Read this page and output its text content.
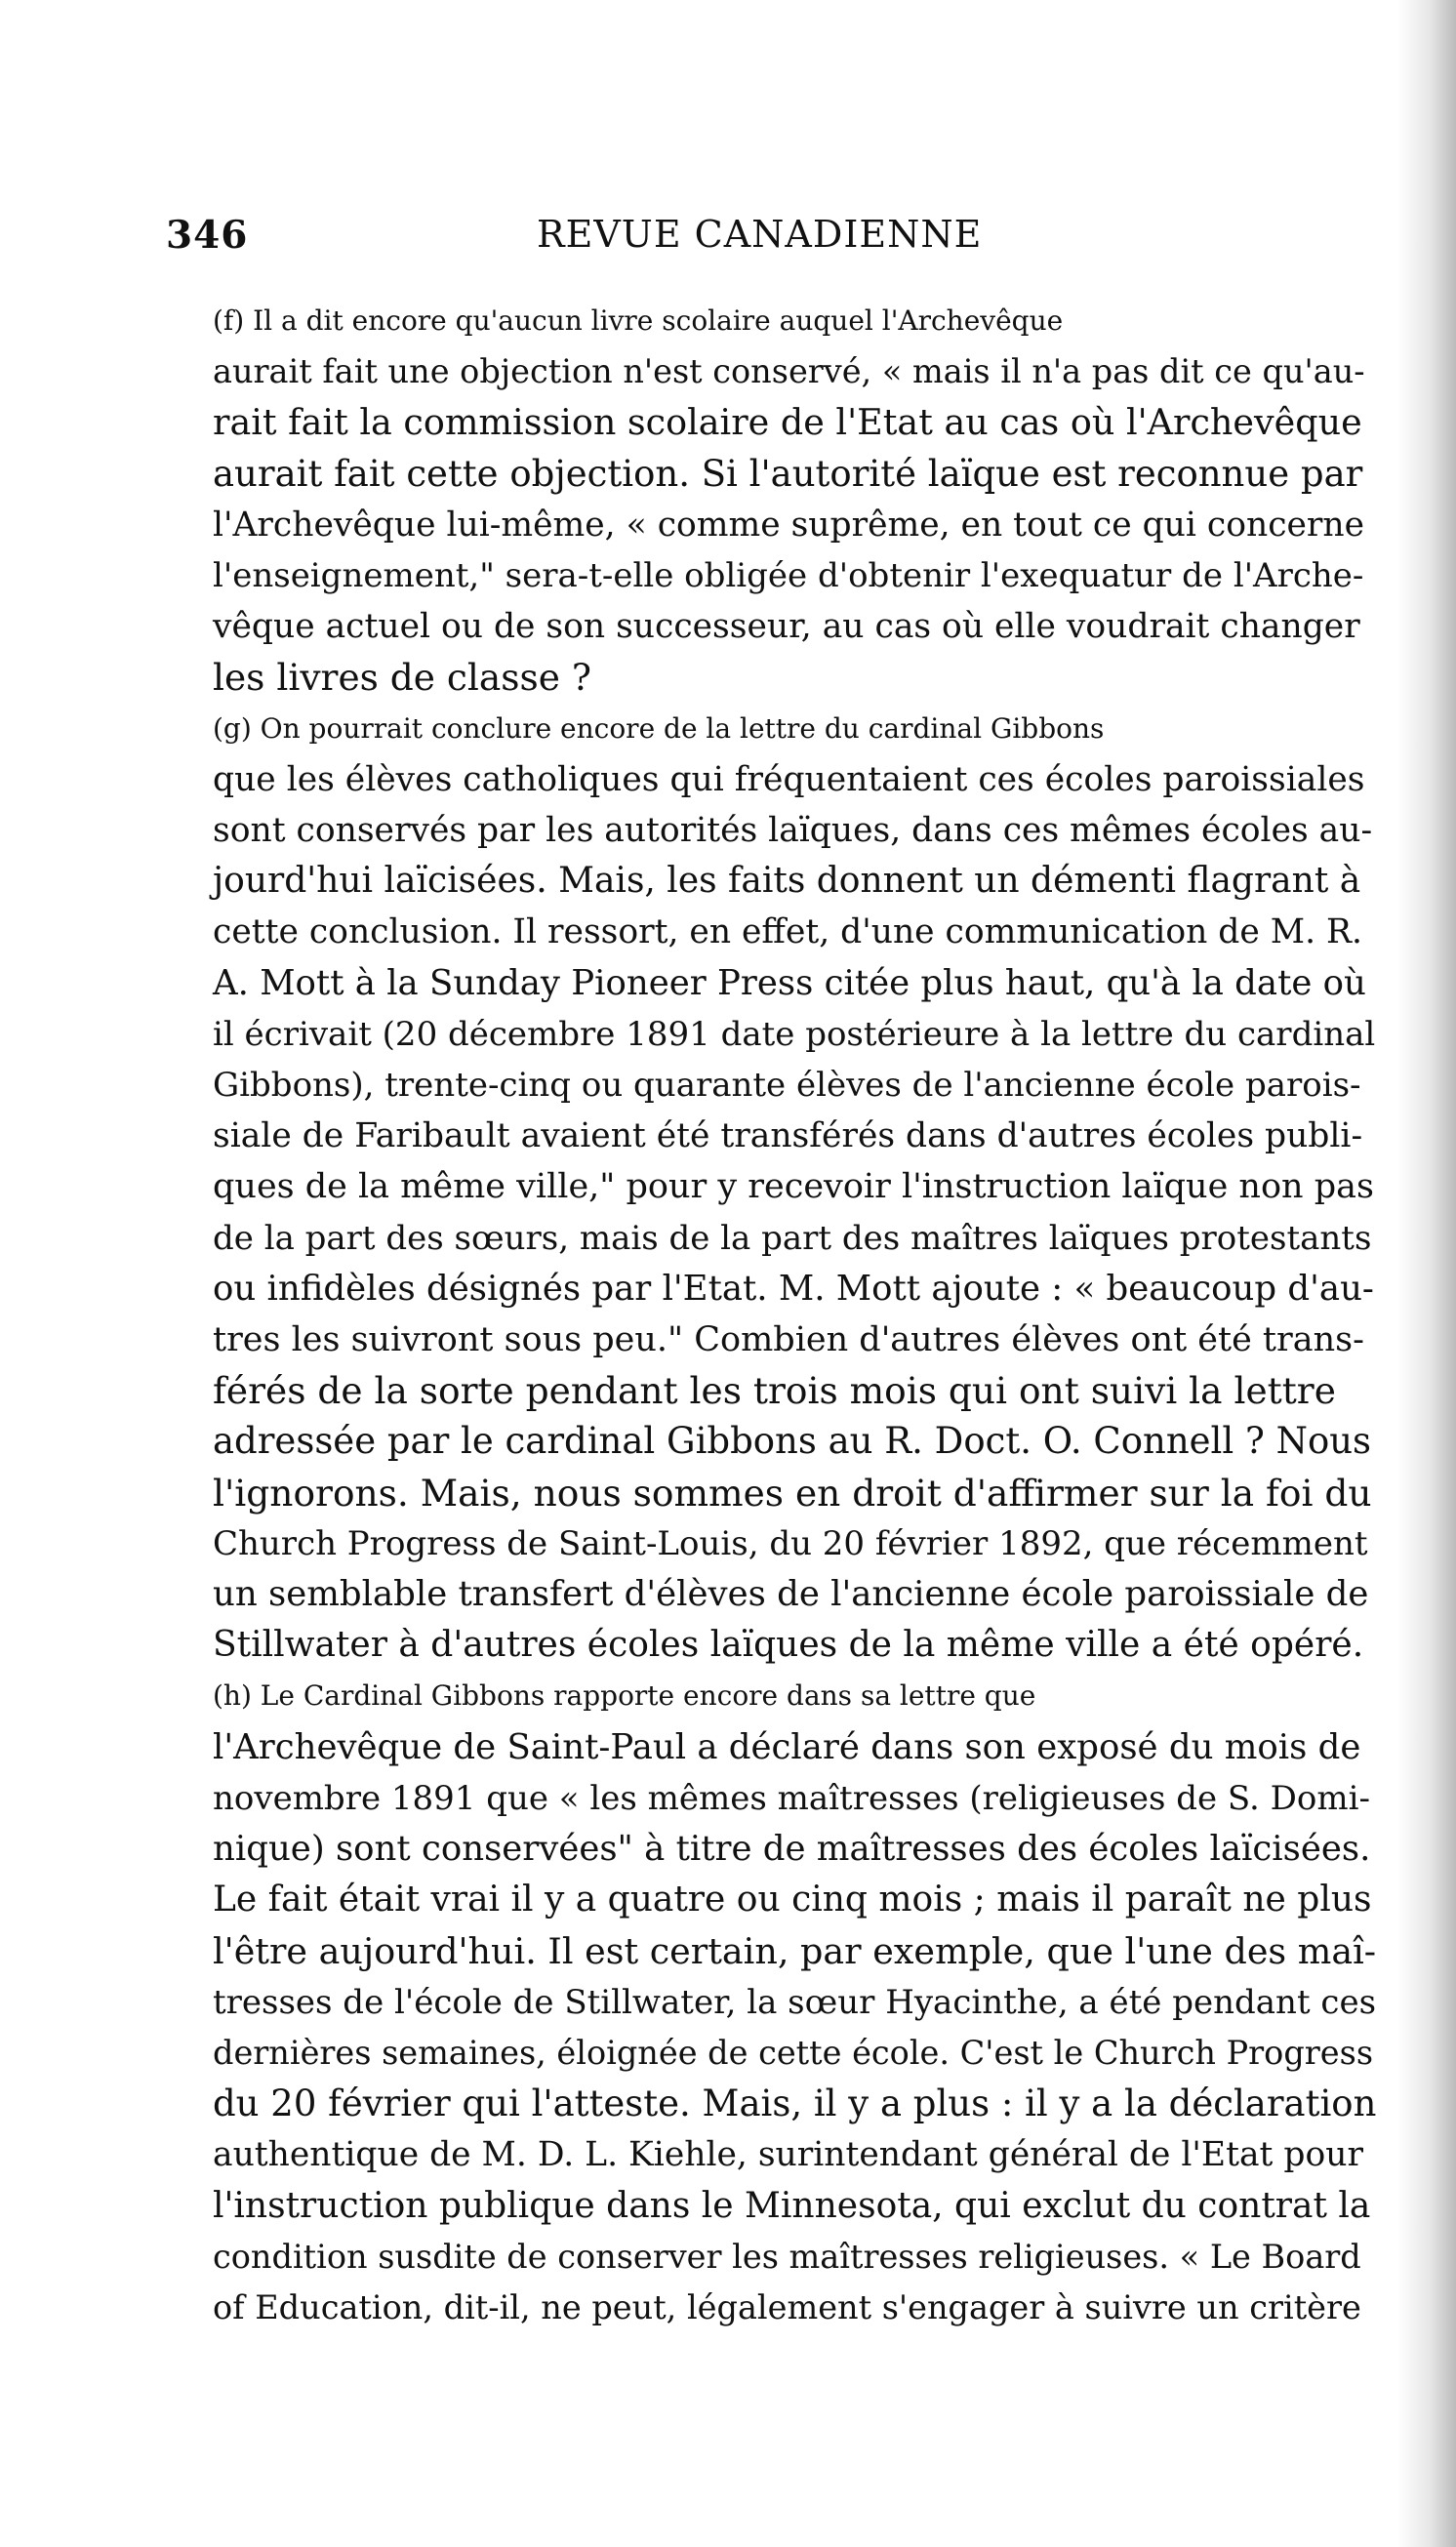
346	REVUE CANADIENNE
(f) Il a dit encore qu'aucun livre scolaire auquel l'Archevêque
aurait fait une objection n'est conservé, « mais il n'a pas dit ce qu'au-
rait fait la commission scolaire de l'Etat au cas où l'Archevêque
aurait fait cette objection. Si l'autorité laïque est reconnue par
l'Archevêque lui-même, « comme suprême, en tout ce qui concerne
l'enseignement," sera-t-elle obligée d'obtenir l'exequatur de l'Arche-
vêque actuel ou de son successeur, au cas où elle voudrait changer
les livres de classe ?
(g) On pourrait conclure encore de la lettre du cardinal Gibbons
que les élèves catholiques qui fréquentaient ces écoles paroissiales
sont conservés par les autorités laïques, dans ces mêmes écoles au-
jourd'hui laïcisées. Mais, les faits donnent un démenti flagrant à
cette conclusion. Il ressort, en effet, d'une communication de M. R.
A. Mott à la Sunday Pioneer Press citée plus haut, qu'à la date où
il écrivait (20 décembre 1891 date postérieure à la lettre du cardinal
Gibbons), trente-cinq ou quarante élèves de l'ancienne école parois-
siale de Faribault avaient été transférés dans d'autres écoles publi-
ques de la même ville," pour y recevoir l'instruction laïque non pas
de la part des sœurs, mais de la part des maîtres laïques protestants
ou infidèles désignés par l'Etat. M. Mott ajoute : « beaucoup d'au-
tres les suivront sous peu." Combien d'autres élèves ont été trans-
férés de la sorte pendant les trois mois qui ont suivi la lettre
adressée par le cardinal Gibbons au R. Doct. O. Connell ? Nous
l'ignorons. Mais, nous sommes en droit d'affirmer sur la foi du
Church Progress de Saint-Louis, du 20 février 1892, que récemment
un semblable transfert d'élèves de l'ancienne école paroissiale de
Stillwater à d'autres écoles laïques de la même ville a été opéré.
(h) Le Cardinal Gibbons rapporte encore dans sa lettre que
l'Archevêque de Saint-Paul a déclaré dans son exposé du mois de
novembre 1891 que « les mêmes maîtresses (religieuses de S. Domi-
nique) sont conservées" à titre de maîtresses des écoles laïcisées.
Le fait était vrai il y a quatre ou cinq mois ; mais il paraît ne plus
l'être aujourd'hui. Il est certain, par exemple, que l'une des maî-
tresses de l'école de Stillwater, la sœur Hyacinthe, a été pendant ces
dernières semaines, éloignée de cette école. C'est le Church Progress
du 20 février qui l'atteste. Mais, il y a plus : il y a la déclaration
authentique de M. D. L. Kiehle, surintendant général de l'Etat pour
l'instruction publique dans le Minnesota, qui exclut du contrat la
condition susdite de conserver les maîtresses religieuses. « Le Board
of Education, dit-il, ne peut, légalement s'engager à suivre un critère
